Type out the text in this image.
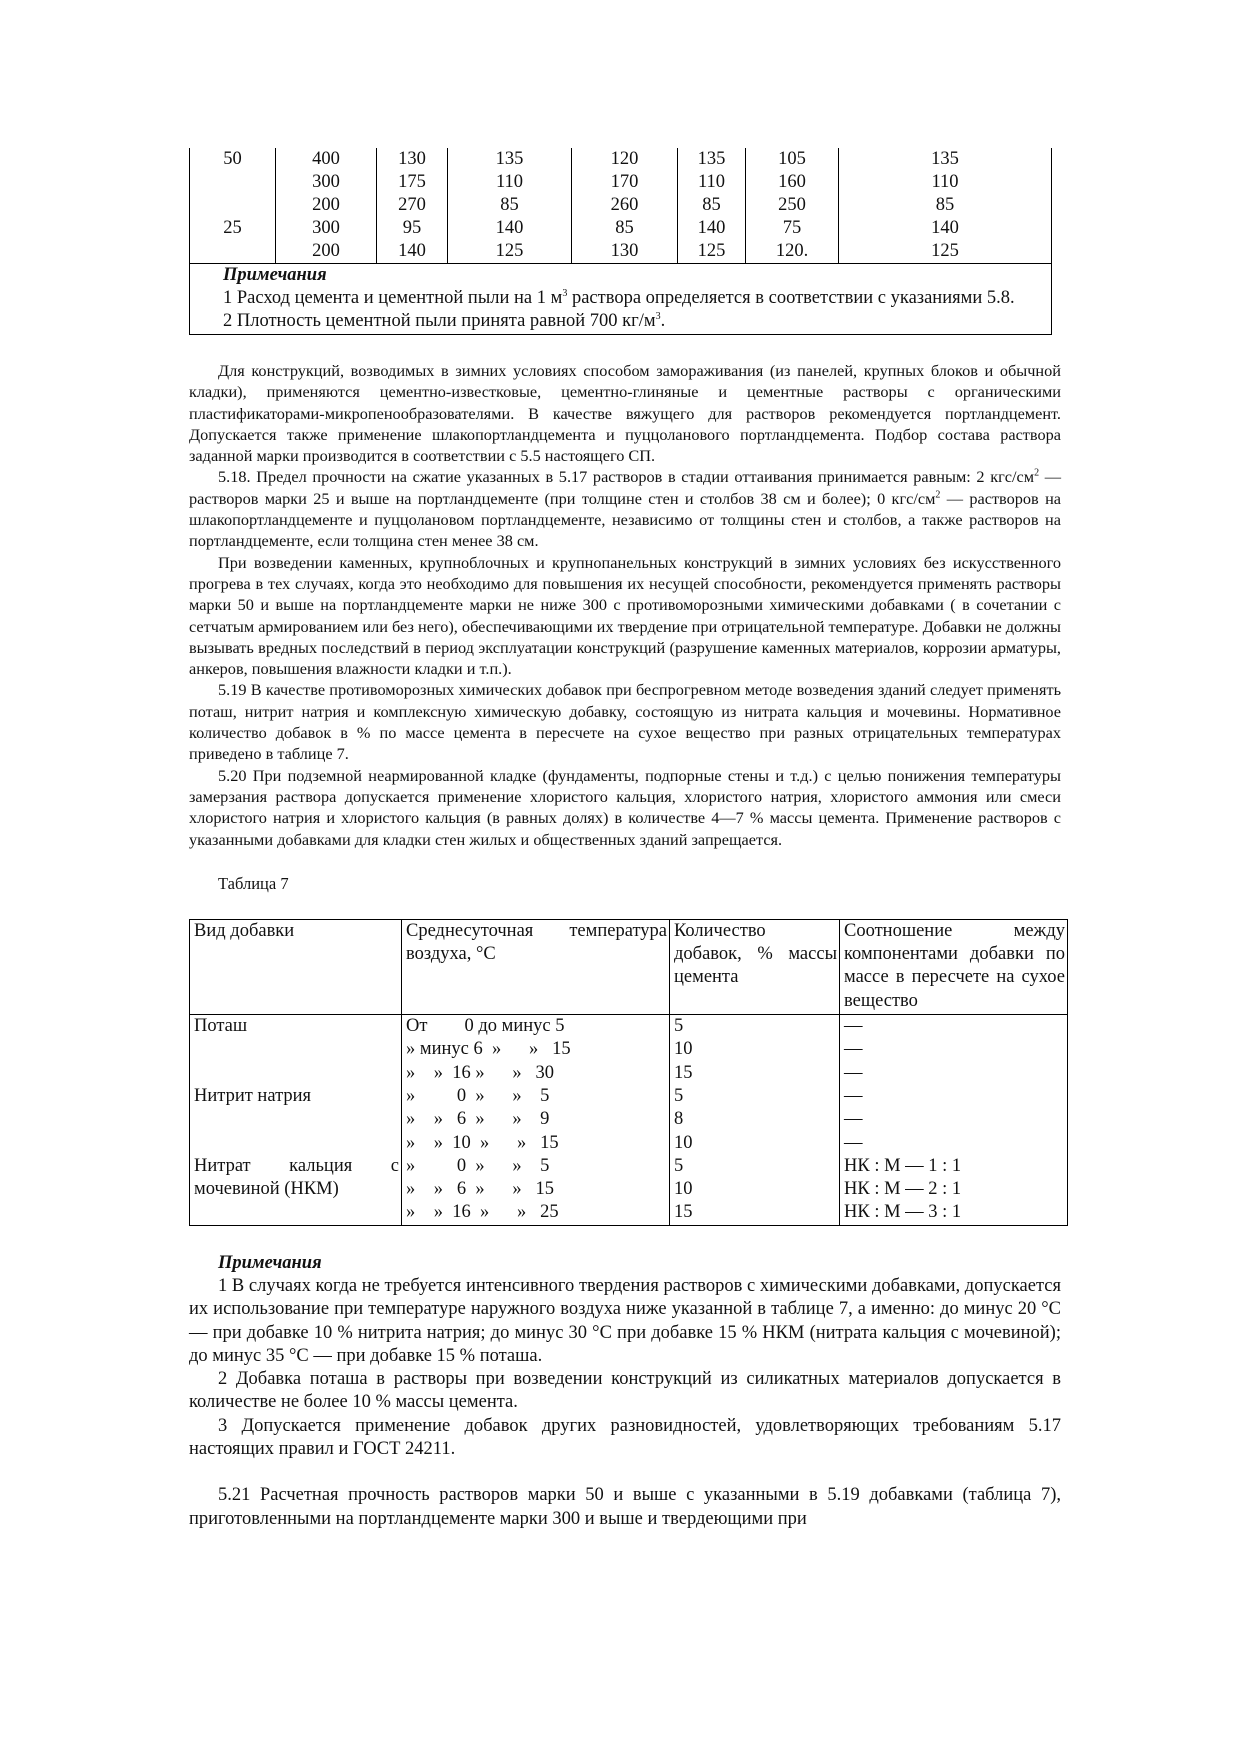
50	400	130	135	120	135	105	135
	300	175	110	170	110	160	110
	200	270	85	260	85	250	85
25	300	95	140	85	140	75	140
	200	140	125	130	125	120.	125

Примечания
1 Расход цемента и цементной пыли на 1 $м^3$ раствора определяется в соответствии с указаниями 5.8.
2 Плотность цементной пыли принята равной 700 $кг/м^3$.							

Для конструкций, возводимых в зимних условиях способом замораживания (из панелей, крупных блоков и обычной кладки), применяются цементно-известковые, цементно-глиняные и цементные растворы с органическими пластификаторами-микропенообразователями. В качестве вяжущего для растворов рекомендуется портландцемент. Допускается также применение шлакопортландцемента и пуццоланового портландцемента. Подбор состава раствора заданной марки производится в соответствии с 5.5 настоящего СП.

5.18. Предел прочности на сжатие указанных в 5.17 растворов в стадии оттаивания принимается равным: 2 кгс/$см^2$ — растворов марки 25 и выше на портландцементе (при толщине стен и столбов 38 см и более); 0 кгс/$см^2$ — растворов на шлакопортландцементе и пуццолановом портландцементе, независимо от толщины стен и столбов, а также растворов на портландцементе, если толщина стен менее 38 см.

При возведении каменных, крупноблочных и крупнопанельных конструкций в зимних условиях без искусственного прогрева в тех случаях, когда это необходимо для повышения их несущей способности, рекомендуется применять растворы марки 50 и выше на портландцементе марки не ниже 300 с противоморозными химическими добавками ( в сочетании с сетчатым армированием или без него), обеспечивающими их твердение при отрицательной температуре. Добавки не должны вызывать вредных последствий в период эксплуатации конструкций (разрушение каменных материалов, коррозии арматуры, анкеров, повышения влажности кладки и т.п.).

5.19 В качестве противоморозных химических добавок при беспрогревном методе возведения зданий следует применять поташ, нитрит натрия и комплексную химическую добавку, состоящую из нитрата кальция и мочевины. Нормативное количество добавок в % по массе цемента в пересчете на сухое вещество при разных отрицательных температурах приведено в таблице 7.

5.20 При подземной неармированной кладке (фундаменты, подпорные стены и т.д.) с целью понижения температуры замерзания раствора допускается применение хлористого кальция, хлористого натрия, хлористого аммония или смеси хлористого натрия и хлористого кальция (в равных долях) в количестве 4—7 % массы цемента. Применение растворов с указанными добавками для кладки стен жилых и общественных зданий запрещается.

Таблица 7
Вид добавки	Среднесуточная температура воздуха, °С	Количество добавок, % массы цемента	Соотношение между компонентами добавки по массе в пересчете на сухое вещество
Поташ	От        0 до минус 5	5	—
	» минус 6  »      »   15	10	—
	»    »  16 »      »   30	15	—
Нитрит натрия	»         0  »      »    5	5	—
	»    »   6  »      »    9	8	—
	»    »  10  »      »   15	10	—
Нитрат кальция с	»         0  »      »    5	5	НК : М — 1 : 1
мочевиной (НКМ)	»    »   6  »      »   15	10	НК : М — 2 : 1
	»    »  16  »      »   25	15	НК : М — 3 : 1

Примечания

1 В случаях когда не требуется интенсивного твердения растворов с химическими добавками, допускается их использование при температуре наружного воздуха ниже указанной в таблице 7, а именно: до минус 20 °С — при добавке 10 % нитрита натрия; до минус 30 °С при добавке 15 % НКМ (нитрата кальция с мочевиной); до минус 35 °С — при добавке 15 % поташа.

2 Добавка поташа в растворы при возведении конструкций из силикатных материалов допускается в количестве не более 10 % массы цемента.

3 Допускается применение добавок других разновидностей, удовлетворяющих требованиям 5.17 настоящих правил и ГОСТ 24211.

5.21 Расчетная прочность растворов марки 50 и выше с указанными в 5.19 добавками (таблица 7), приготовленными на портландцементе марки 300 и выше и твердеющими при
